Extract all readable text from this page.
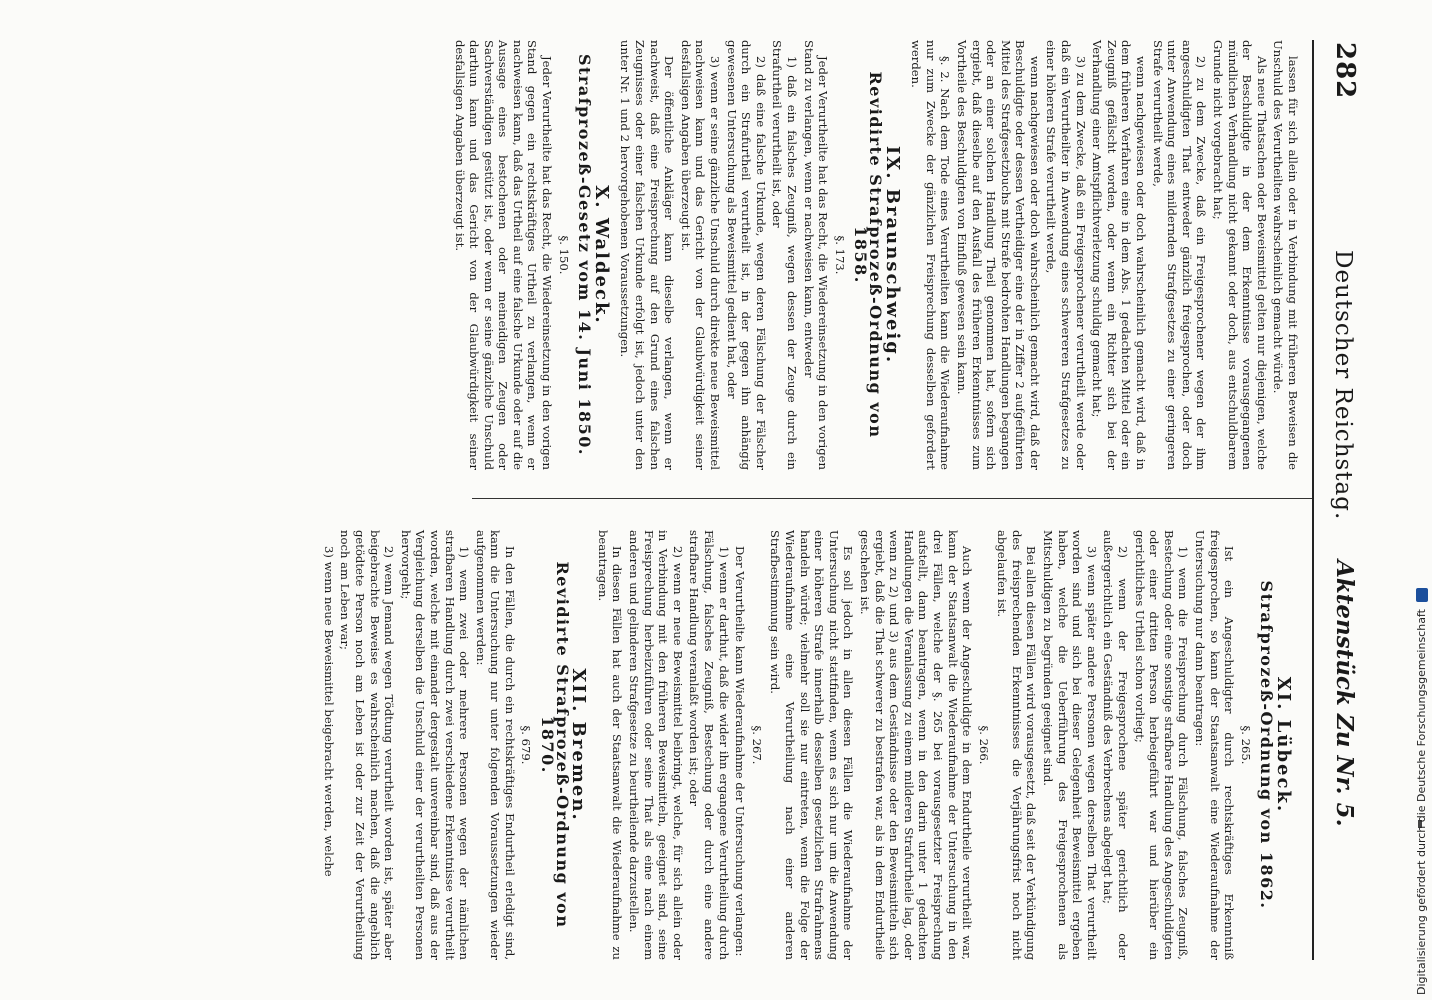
282
Deutscher Reichstag.
Aktenstück Zu Nr. 5.

lassen für sich allein oder in Verbindung mit früheren Beweisen die Unschuld des Verurtheilten wahrscheinlich gemacht würde.

Als neue Thatsachen oder Beweismittel gelten nur diejenigen, welche der Beschuldigte in der dem Erkenntnisse vorausgegangenen mündlichen Verhandlung nicht gekannt oder doch, aus entschuldbarem Grunde nicht vorgebracht hat;

2) zu dem Zwecke, daß ein Freigesprochener wegen der ihm angeschuldigten That entweder gänzlich freigesprochen, oder doch unter Anwendung eines mildernden Strafgesetzes zu einer geringeren Strafe verurtheilt werde,

wenn nachgewiesen oder doch wahrscheinlich gemacht wird, daß in dem früheren Verfahren eine in dem Abs. 1 gedachten Mittel oder ein Zeugniß gefälscht worden, oder wenn ein Richter sich bei der Verhandlung einer Amtspflichtverletzung schuldig gemacht hat;

3) zu dem Zwecke, daß ein Freigesprochener verurtheilt werde oder daß ein Verurtheilter in Anwendung eines schwereren Strafgesetzes zu einer höheren Strafe verurtheilt werde,

wenn nachgewiesen oder doch wahrscheinlich gemacht wird, daß der Beschuldigte oder dessen Vertheidiger eine der in Ziffer 2 aufgeführten Mittel des Strafgesetzbuchs mit Strafe bedrohten Handlungen begangen oder an einer solchen Handlung Theil genommen hat, sofern sich ergiebt, daß dieselbe auf den Ausfall des früheren Erkenntnisses zum Vortheile des Beschuldigten von Einfluß gewesen sein kann.

§. 2. Nach dem Tode eines Verurtheilten kann die Wiederaufnahme nur zum Zwecke der gänzlichen Freisprechung desselben gefordert werden.

IX. Braunschweig.
Revidirte Strafprozeß-Ordnung von 1858.
§. 173.

Jeder Verurtheilte hat das Recht, die Wiedereinsetzung in den vorigen Stand zu verlangen, wenn er nachweisen kann, entweder

1) daß ein falsches Zeugniß, wegen dessen der Zeuge durch ein Strafurtheil verurtheilt ist, oder

2) daß eine falsche Urkunde, wegen deren Fälschung der Fälscher durch ein Strafurtheil verurtheilt ist, in der gegen ihn anhängig gewesenen Untersuchung als Beweismittel gedient hat, oder

3) wenn er seine gänzliche Unschuld durch direkte neue Beweismittel nachweisen kann und das Gericht von der Glaubwürdigkeit seiner desfallsigen Angaben überzeugt ist.

Der öffentliche Ankläger kann dieselbe verlangen, wenn er nachweist, daß eine Freisprechung auf den Grund eines falschen Zeugnisses oder einer falschen Urkunde erfolgt ist, jedoch unter den unter Nr. 1 und 2 hervorgehobenen Voraussetzungen.

X. Waldeck.
Strafprozeß-Gesetz vom 14. Juni 1850.
§. 150.

Jeder Verurtheilte hat das Recht, die Wiedereinsetzung in den vorigen Stand gegen ein rechtskräftiges Urtheil zu verlangen, wenn er nachweisen kann, daß das Urtheil auf eine falsche Urkunde oder auf die Aussage eines bestochenen oder meineidigen Zeugen oder Sachverständigen gestützt ist, oder wenn er seine gänzliche Unschuld darthun kann und das Gericht von der Glaubwürdigkeit seiner desfallsigen Angaben überzeugt ist.

XI. Lübeck.
Strafprozeß-Ordnung von 1862.
§. 265.

Ist ein Angeschuldigter durch rechtskräftiges Erkenntniß freigesprochen, so kann der Staatsanwalt eine Wiederaufnahme der Untersuchung nur dann beantragen:

1) wenn die Freisprechung durch Fälschung, falsches Zeugniß, Bestechung oder eine sonstige strafbare Handlung des Angeschuldigten oder einer dritten Person herbeigeführt war und hierüber ein gerichtliches Urtheil schon vorliegt;

2) wenn der Freigesprochene später gerichtlich oder außergerichtlich ein Geständniß des Verbrechens abgelegt hat;

3) wenn später andere Personen wegen derselben That verurtheilt worden sind und sich bei dieser Gelegenheit Beweismittel ergeben haben, welche die Ueberführung des Freigesprochenen als Mitschuldigen zu begründen geeignet sind.

Bei allen diesen Fällen wird vorausgesetzt, daß seit der Verkündigung des freisprechenden Erkenntnisses die Verjährungsfrist noch nicht abgelaufen ist.

§. 266.

Auch wenn der Angeschuldigte in dem Endurtheile verurtheilt war, kann der Staatsanwalt die Wiederaufnahme der Untersuchung in den drei Fällen, welche der §. 265 bei vorausgesetzter Freisprechung aufstellt, dann beantragen, wenn in den darin unter 1 gedachten Handlungen die Veranlassung zu einem milderen Strafurtheile lag, oder wenn zu 2) und 3) aus dem Geständnisse oder den Beweismitteln sich ergiebt, daß die That schwerer zu bestrafen war, als in dem Endurtheile geschehen ist.

Es soll jedoch in allen diesen Fällen die Wiederaufnahme der Untersuchung nicht stattfinden, wenn es sich nur um die Anwendung einer höheren Strafe innerhalb desselben gesetzlichen Strafrahmens handeln würde; vielmehr soll sie nur eintreten, wenn die Folge der Wiederaufnahme eine Verurtheilung nach einer anderen Strafbestimmung sein wird.

§. 267.

Der Verurtheilte kann Wiederaufnahme der Untersuchung verlangen:

1) wenn er darthut, daß die wider ihn ergangene Verurtheilung durch Fälschung, falsches Zeugniß, Bestechung oder durch eine andere strafbare Handlung veranlaßt worden ist; oder

2) wenn er neue Beweismittel beibringt, welche, für sich allein oder in Verbindung mit den früheren Beweismitteln, geeignet sind, seine Freisprechung herbeizuführen oder seine That als eine nach einem anderen und gelinderen Strafgesetze zu beurtheilende darzustellen.

In diesen Fällen hat auch der Staatsanwalt die Wiederaufnahme zu beantragen.

XII. Bremen.
Revidirte Strafprozeß-Ordnung von 1870.
§. 679.

In den Fällen, die durch ein rechtskräftiges Endurtheil erledigt sind, kann die Untersuchung nur unter folgenden Voraussetzungen wieder aufgenommen werden:

1) wenn zwei oder mehrere Personen wegen der nämlichen strafbaren Handlung durch zwei verschiedene Erkenntnisse verurtheilt worden, welche mit einander dergestalt unvereinbar sind, daß aus der Vergleichung derselben die Unschuld einer der verurtheilten Personen hervorgeht;

2) wenn Jemand wegen Tödtung verurtheilt worden ist, später aber beigebrachte Beweise es wahrscheinlich machen, daß die angeblich getödtete Person noch am Leben ist oder zur Zeit der Verurtheilung noch am Leben war;

3) wenn neue Beweismittel beigebracht werden, welche	Digitalisierung gefördert durch die Deutsche Forschungsgemeinschaft
